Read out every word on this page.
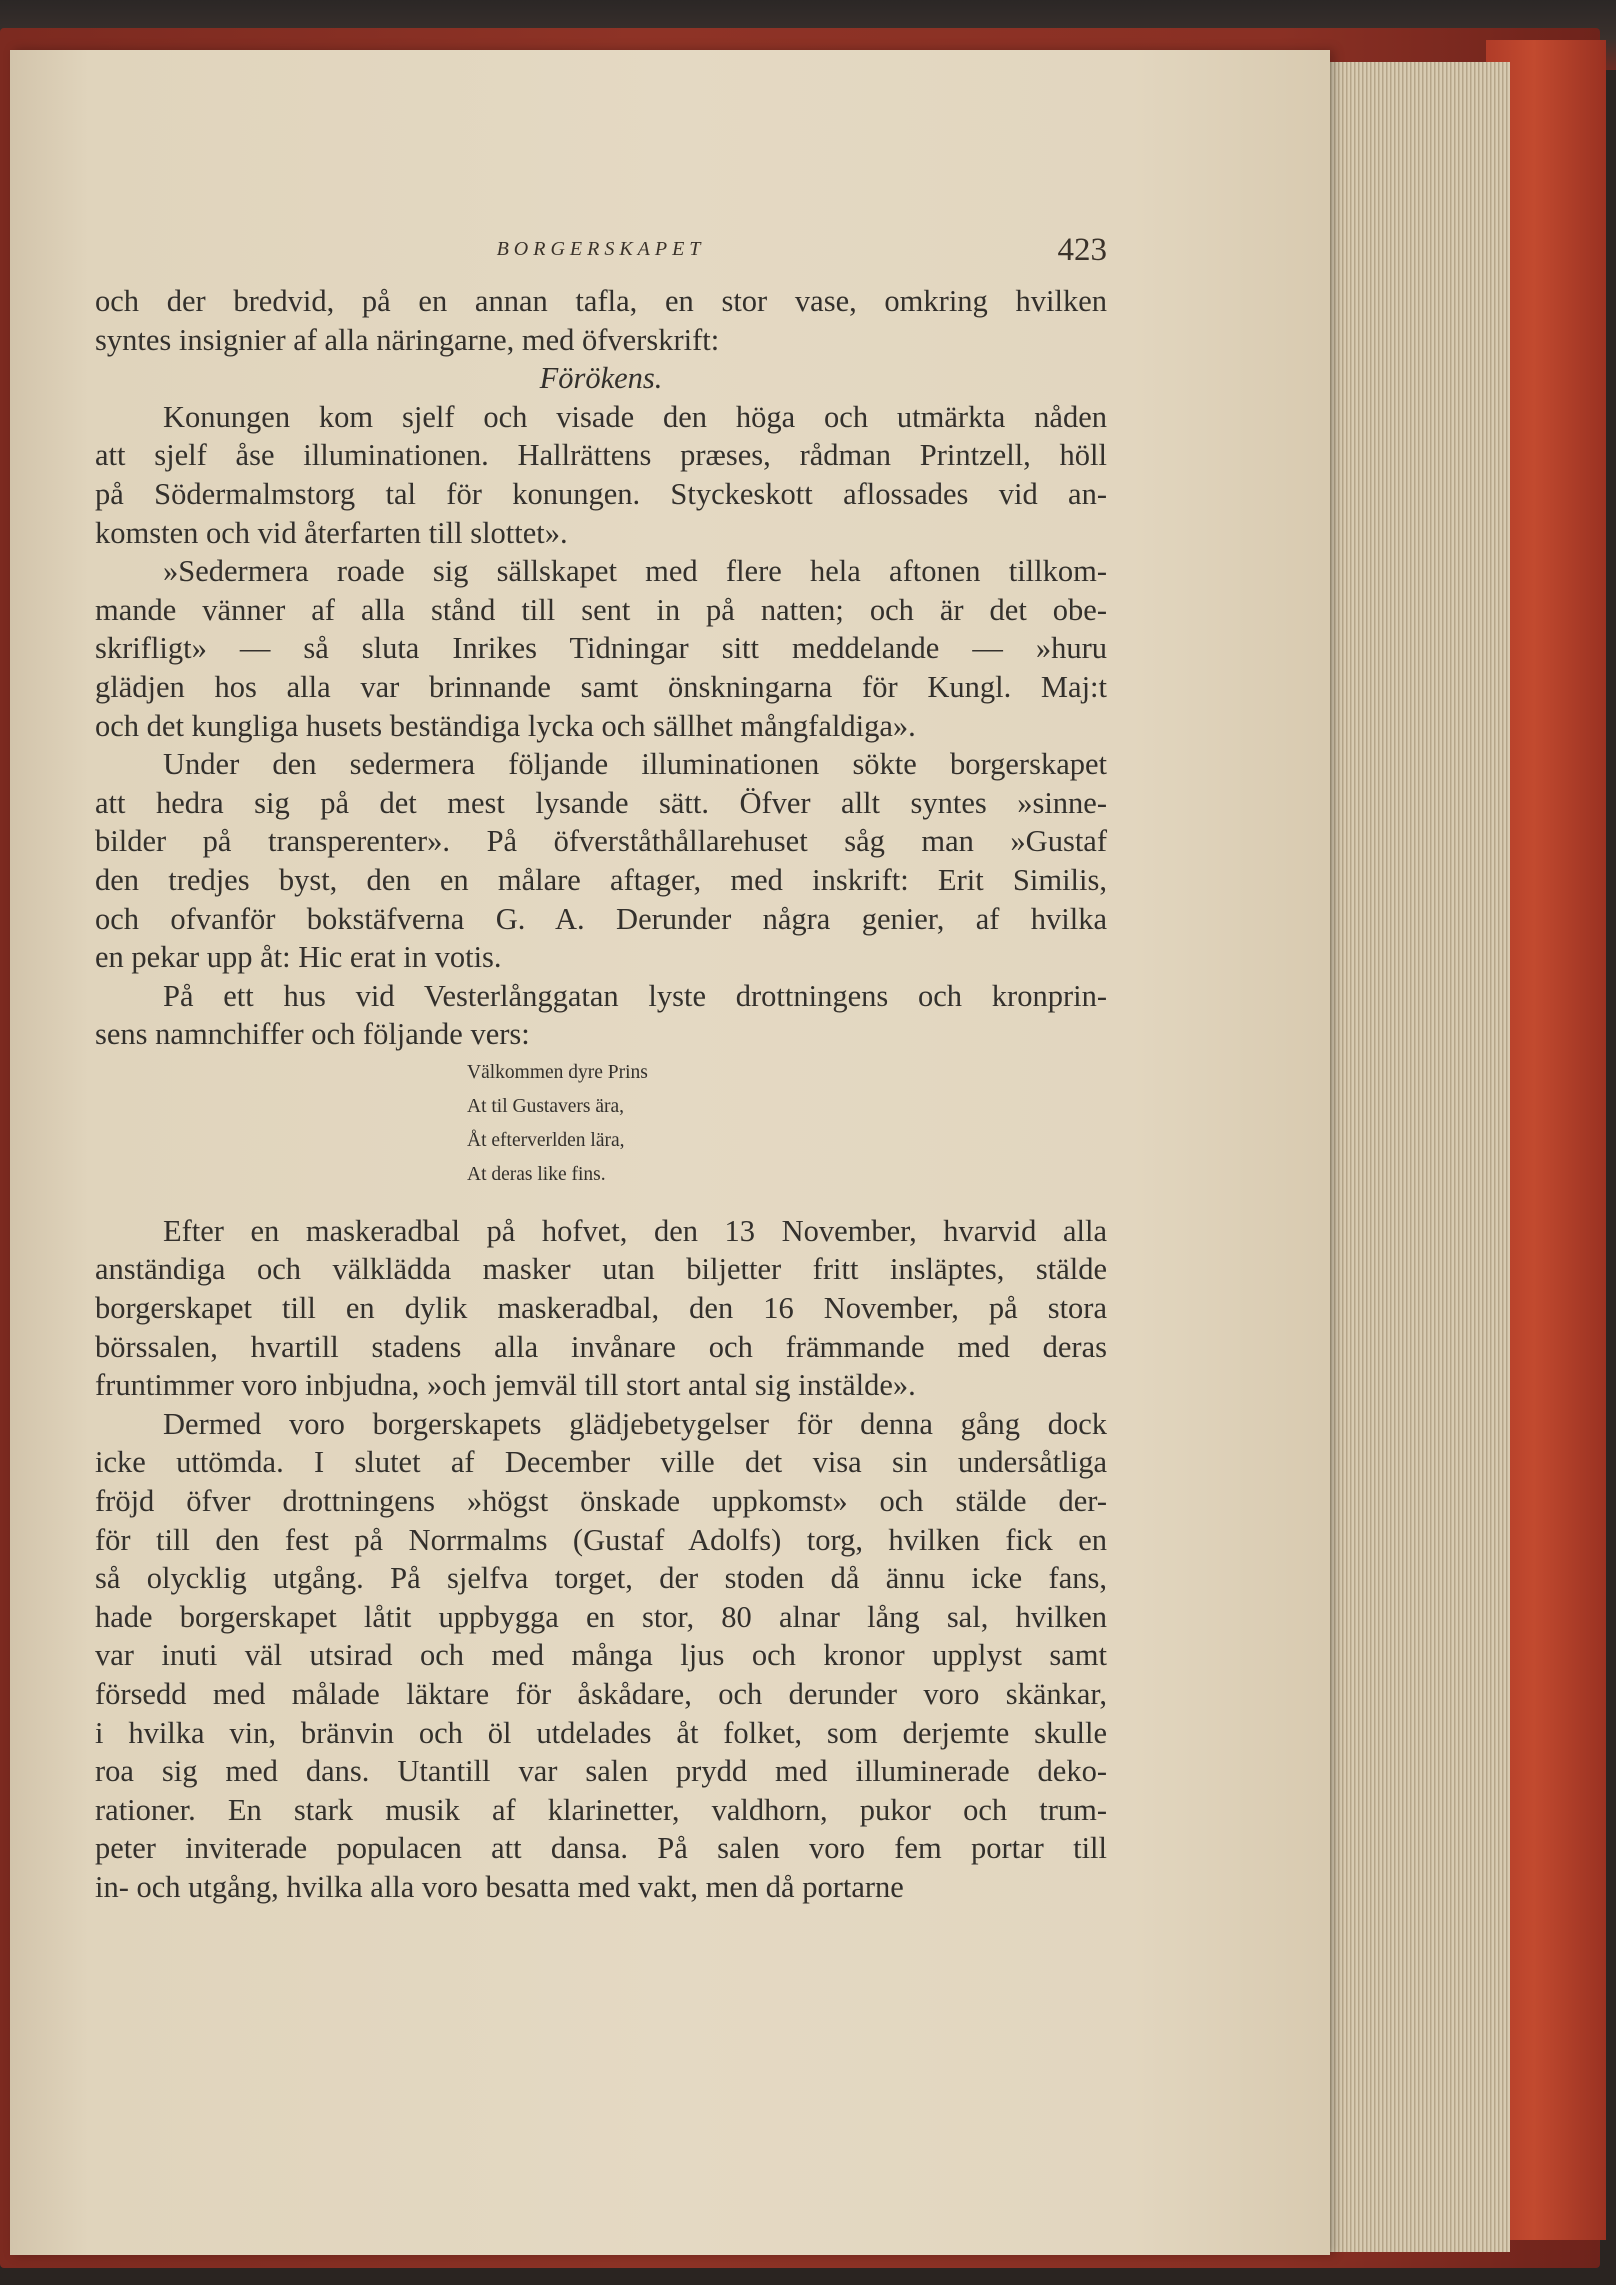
BORGERSKAPET	423

och der bredvid, på en annan tafla, en stor vase, omkring hvilken

syntes insignier af alla näringarne, med öfverskrift:

Förökens.

Konungen kom sjelf och visade den höga och utmärkta nåden

att sjelf åse illuminationen. Hallrättens præses, rådman Printzell, höll

på Södermalmstorg tal för konungen. Styckeskott aflossades vid an-

komsten och vid återfarten till slottet».

»Sedermera roade sig sällskapet med flere hela aftonen tillkom-

mande vänner af alla stånd till sent in på natten; och är det obe-

skrifligt» — så sluta Inrikes Tidningar sitt meddelande — »huru

glädjen hos alla var brinnande samt önskningarna för Kungl. Maj:t

och det kungliga husets beständiga lycka och sällhet mångfaldiga».

Under den sedermera följande illuminationen sökte borgerskapet

att hedra sig på det mest lysande sätt. Öfver allt syntes »sinne-

bilder på transperenter». På öfverståthållarehuset såg man »Gustaf

den tredjes byst, den en målare aftager, med inskrift: Erit Similis,

och ofvanför bokstäfverna G. A. Derunder några genier, af hvilka

en pekar upp åt: Hic erat in votis.

På ett hus vid Vesterlånggatan lyste drottningens och kronprin-

sens namnchiffer och följande vers:

Välkommen dyre Prins
At til Gustavers ära,
Åt efterverlden lära,
At deras like fins.

Efter en maskeradbal på hofvet, den 13 November, hvarvid alla

anständiga och välklädda masker utan biljetter fritt insläptes, stälde

borgerskapet till en dylik maskeradbal, den 16 November, på stora

börssalen, hvartill stadens alla invånare och främmande med deras

fruntimmer voro inbjudna, »och jemväl till stort antal sig instälde».

Dermed voro borgerskapets glädjebetygelser för denna gång dock

icke uttömda. I slutet af December ville det visa sin undersåtliga

fröjd öfver drottningens »högst önskade uppkomst» och stälde der-

för till den fest på Norrmalms (Gustaf Adolfs) torg, hvilken fick en

så olycklig utgång. På sjelfva torget, der stoden då ännu icke fans,

hade borgerskapet låtit uppbygga en stor, 80 alnar lång sal, hvilken

var inuti väl utsirad och med många ljus och kronor upplyst samt

försedd med målade läktare för åskådare, och derunder voro skänkar,

i hvilka vin, bränvin och öl utdelades åt folket, som derjemte skulle

roa sig med dans. Utantill var salen prydd med illuminerade deko-

rationer. En stark musik af klarinetter, valdhorn, pukor och trum-

peter inviterade populacen att dansa. På salen voro fem portar till

in- och utgång, hvilka alla voro besatta med vakt, men då portarne
